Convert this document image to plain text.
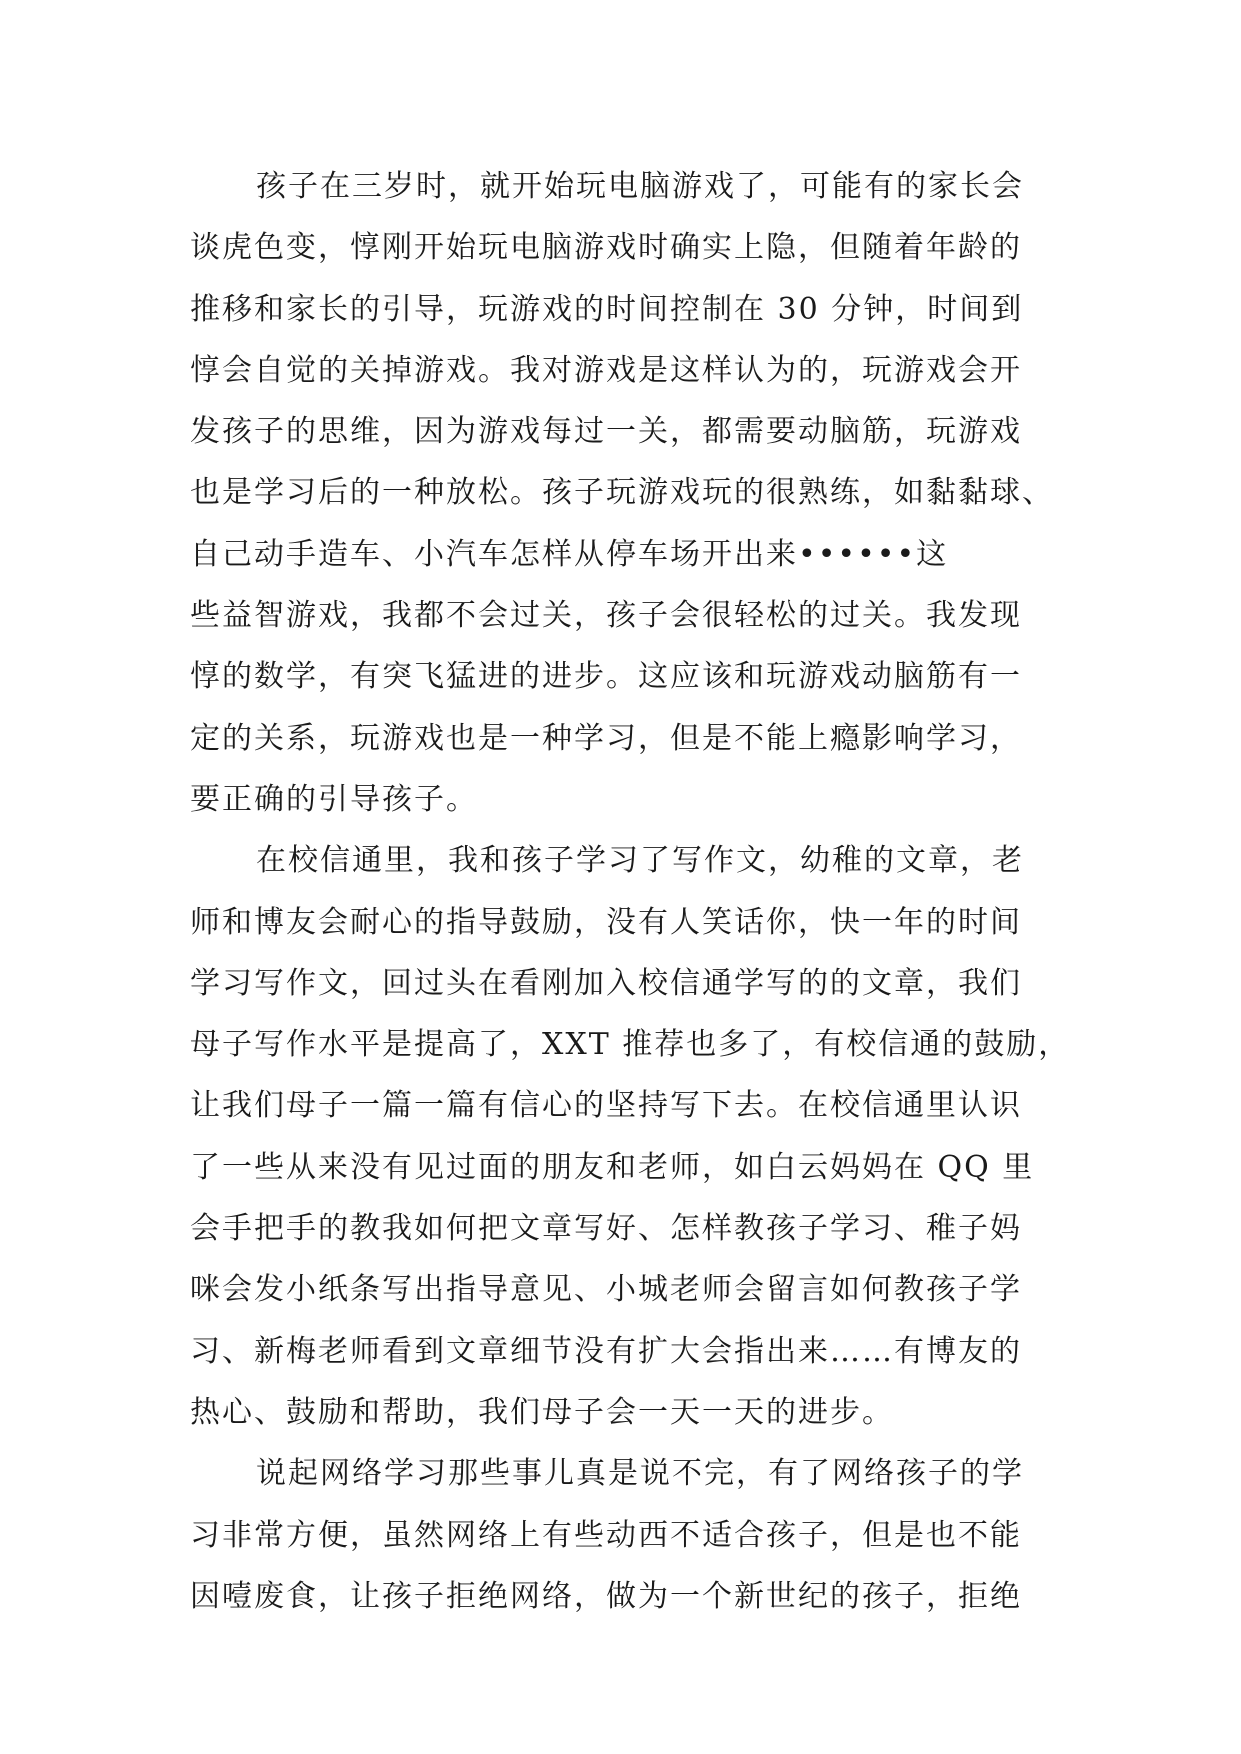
孩子在三岁时，就开始玩电脑游戏了，可能有的家长会
谈虎色变，惇刚开始玩电脑游戏时确实上隐，但随着年龄的
推移和家长的引导，玩游戏的时间控制在 30 分钟，时间到
惇会自觉的关掉游戏。我对游戏是这样认为的，玩游戏会开
发孩子的思维，因为游戏每过一关，都需要动脑筋，玩游戏
也是学习后的一种放松。孩子玩游戏玩的很熟练，如黏黏球、
自己动手造车、小汽车怎样从停车场开出来••••••这
些益智游戏，我都不会过关，孩子会很轻松的过关。我发现
惇的数学，有突飞猛进的进步。这应该和玩游戏动脑筋有一
定的关系，玩游戏也是一种学习，但是不能上瘾影响学习，
要正确的引导孩子。
在校信通里，我和孩子学习了写作文，幼稚的文章，老
师和博友会耐心的指导鼓励，没有人笑话你，快一年的时间
学习写作文，回过头在看刚加入校信通学写的的文章，我们
母子写作水平是提高了，XXT 推荐也多了，有校信通的鼓励，
让我们母子一篇一篇有信心的坚持写下去。在校信通里认识
了一些从来没有见过面的朋友和老师，如白云妈妈在 QQ 里
会手把手的教我如何把文章写好、怎样教孩子学习、稚子妈
咪会发小纸条写出指导意见、小城老师会留言如何教孩子学
习、新梅老师看到文章细节没有扩大会指出来……有博友的
热心、鼓励和帮助，我们母子会一天一天的进步。
说起网络学习那些事儿真是说不完，有了网络孩子的学
习非常方便，虽然网络上有些动西不适合孩子，但是也不能
因噎废食，让孩子拒绝网络，做为一个新世纪的孩子，拒绝
